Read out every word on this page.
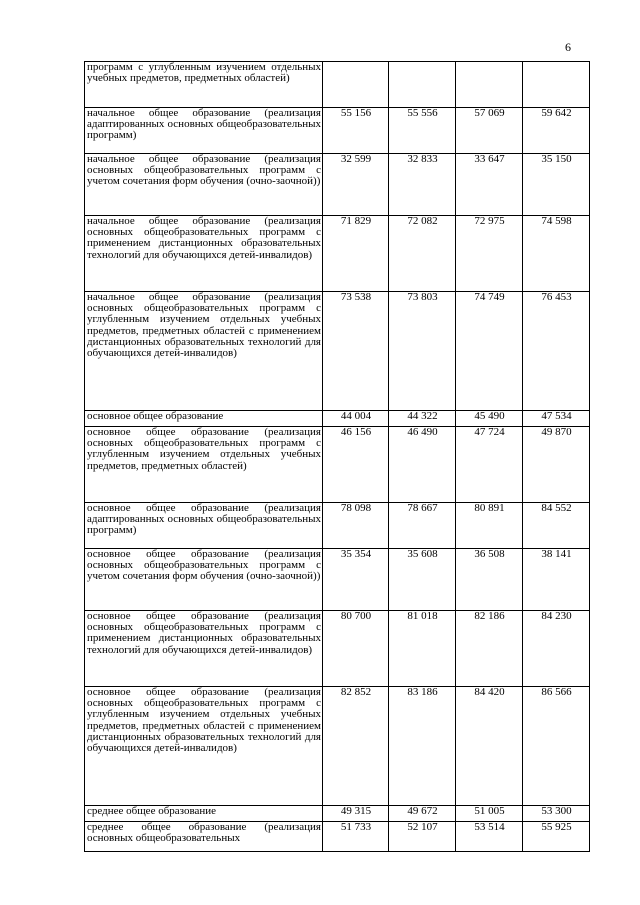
6
программ с углубленным изучением отдельных учебных предметов, предметных областей)				
начальное общее образование (реализация адаптированных основных общеобразовательных программ)	55 156	55 556	57 069	59 642
начальное общее образование (реализация основных общеобразовательных программ с учетом сочетания форм обучения (очно-заочной))	32 599	32 833	33 647	35 150
начальное общее образование (реализация основных общеобразовательных программ с применением дистанционных образовательных технологий для обучающихся детей-инвалидов)	71 829	72 082	72 975	74 598
начальное общее образование (реализация основных общеобразовательных программ с углубленным изучением отдельных учебных предметов, предметных областей с применением дистанционных образовательных технологий для обучающихся детей-инвалидов)	73 538	73 803	74 749	76 453
основное общее образование	44 004	44 322	45 490	47 534
основное общее образование (реализация основных общеобразовательных программ с углубленным изучением отдельных учебных предметов, предметных областей)	46 156	46 490	47 724	49 870
основное общее образование (реализация адаптированных основных общеобразовательных программ)	78 098	78 667	80 891	84 552
основное общее образование (реализация основных общеобразовательных программ с учетом сочетания форм обучения (очно-заочной))	35 354	35 608	36 508	38 141
основное общее образование (реализация основных общеобразовательных программ с применением дистанционных образовательных технологий для обучающихся детей-инвалидов)	80 700	81 018	82 186	84 230
основное общее образование (реализация основных общеобразовательных программ с углубленным изучением отдельных учебных предметов, предметных областей с применением дистанционных образовательных технологий для обучающихся детей-инвалидов)	82 852	83 186	84 420	86 566
среднее общее образование	49 315	49 672	51 005	53 300
среднее общее образование (реализация основных общеобразовательных	51 733	52 107	53 514	55 925
